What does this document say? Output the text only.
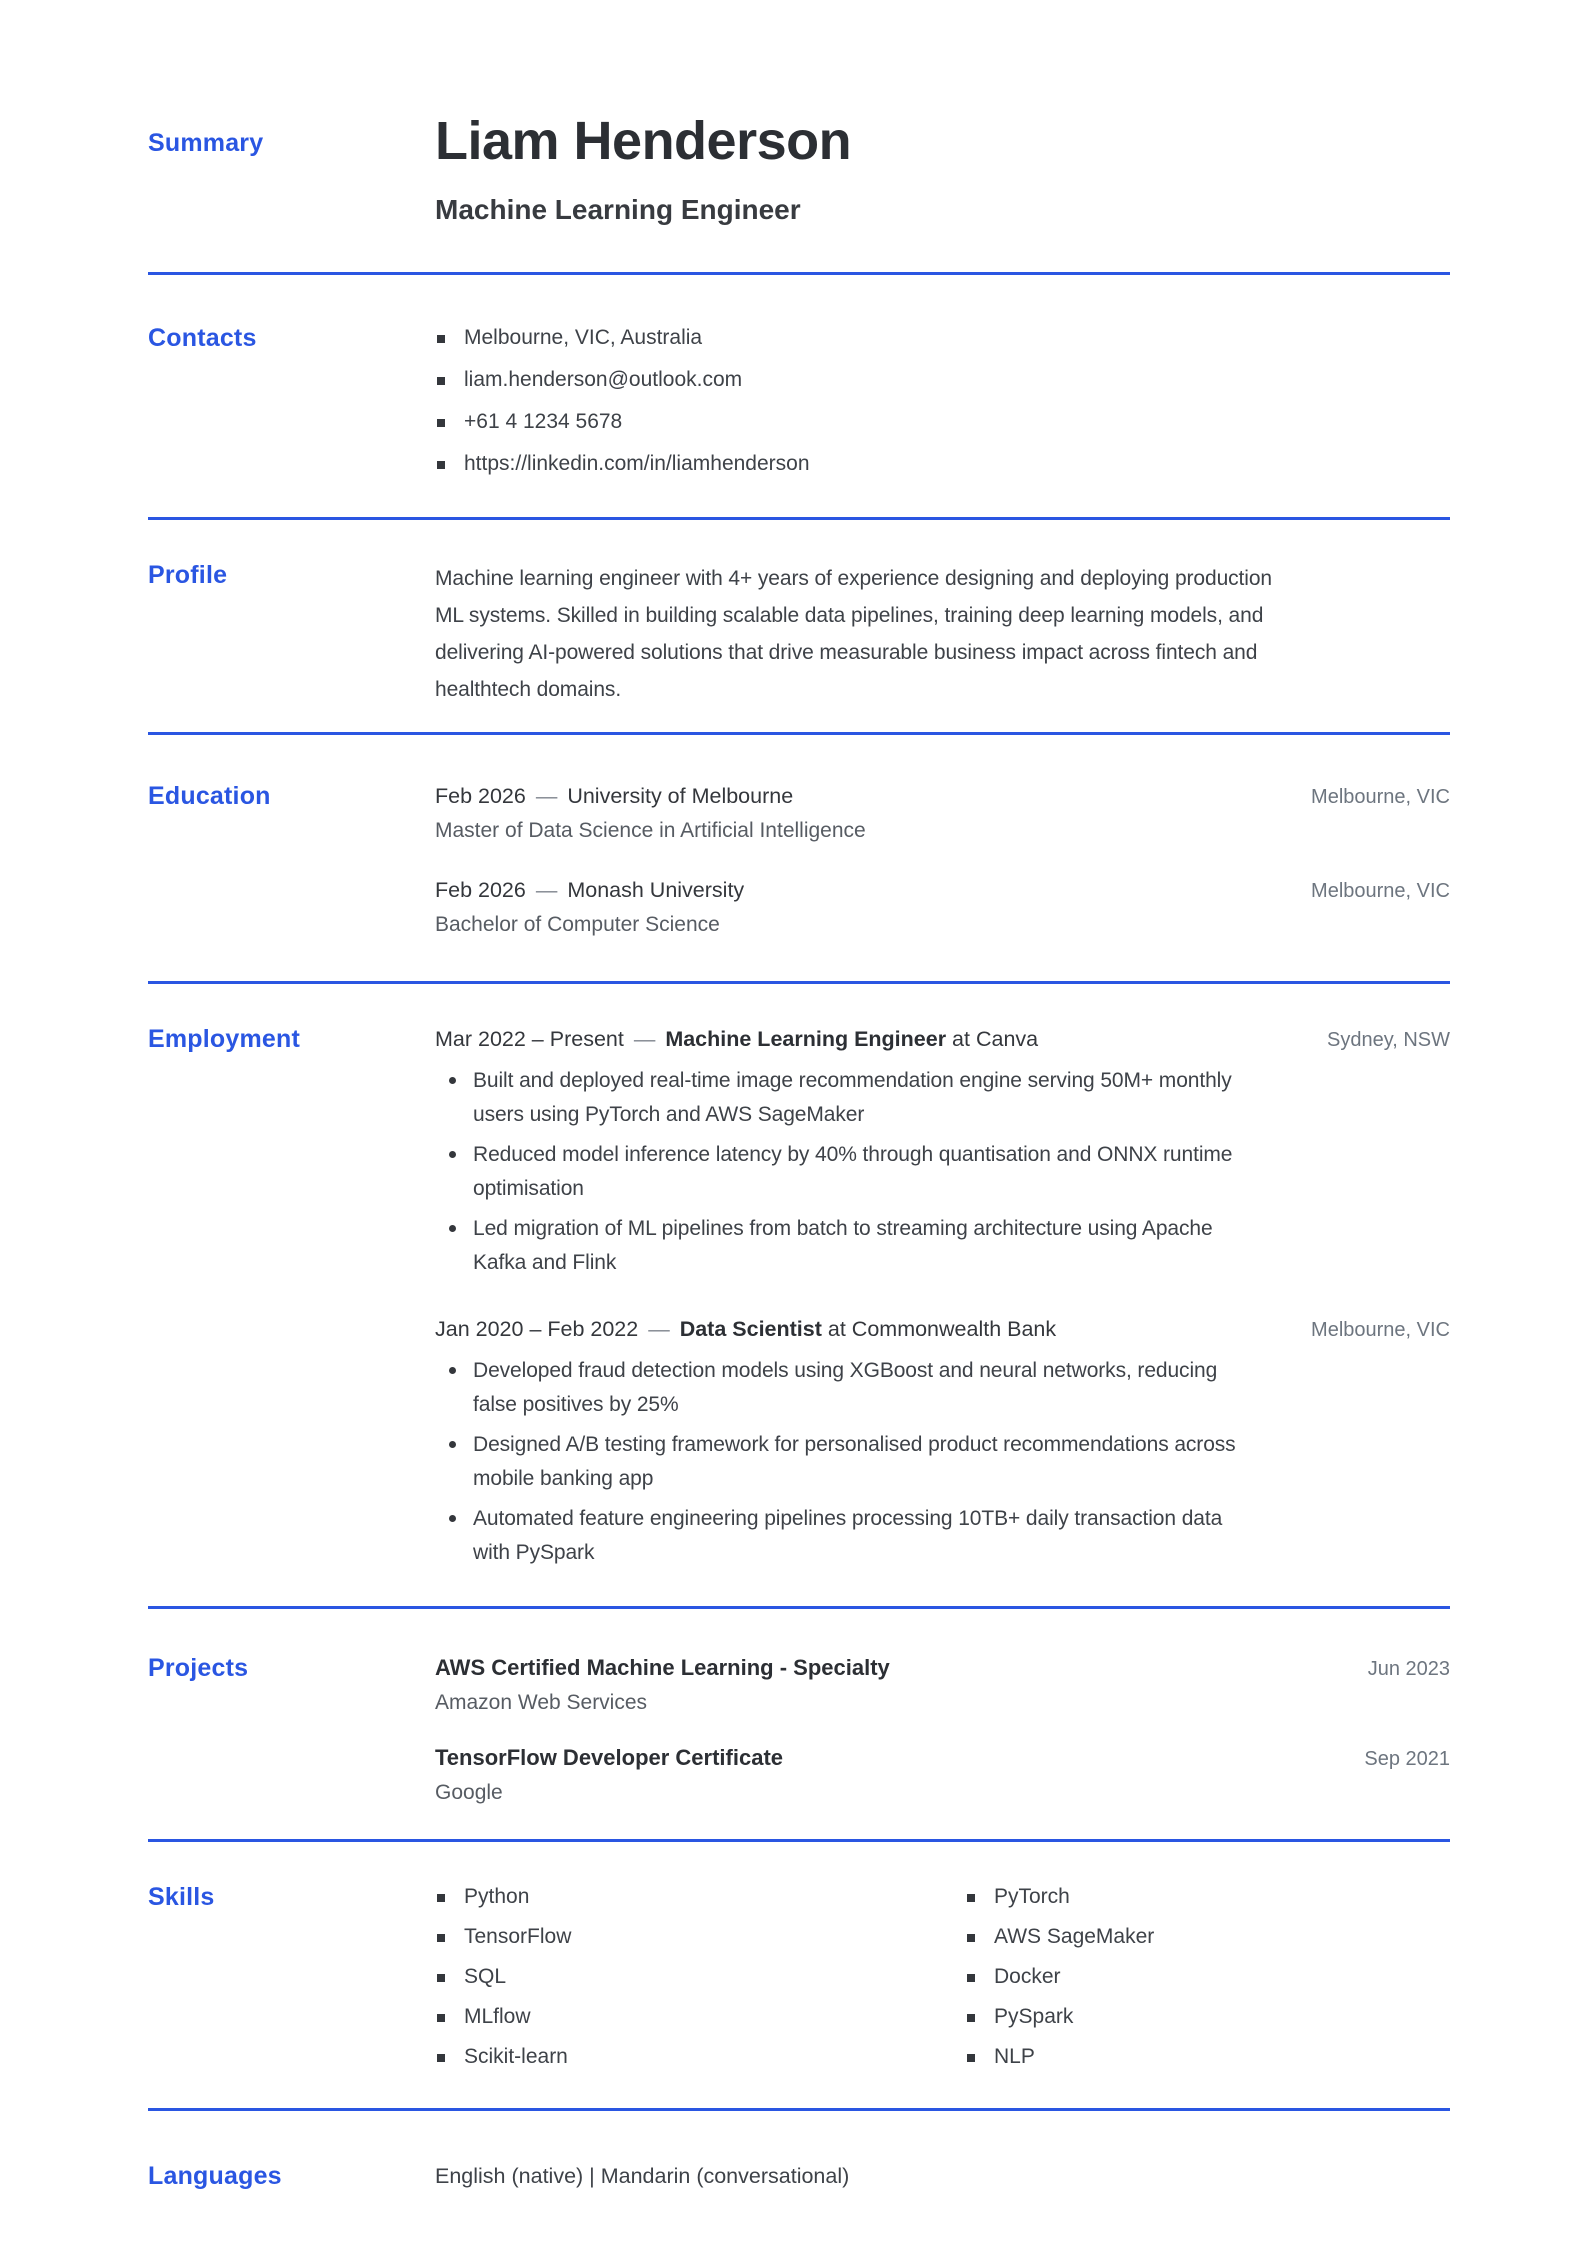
Summary	Liam Henderson
Machine Learning Engineer
Contacts	Melbourne, VIC, Australia
liam.henderson@outlook.com
+61 4 1234 5678
https://linkedin.com/in/liamhenderson
Profile	Machine learning engineer with 4+ years of experience designing and deploying production ML systems. Skilled in building scalable data pipelines, training deep learning models, and delivering AI-powered solutions that drive measurable business impact across fintech and healthtech domains.

Education	Feb 2026 — University of Melbourne	Melbourne, VIC
Master of Data Science in Artificial Intelligence
Feb 2026 — Monash University	Melbourne, VIC
Bachelor of Computer Science
Employment	Mar 2022 – Present — Machine Learning Engineer at Canva	Sydney, NSW
Built and deployed real-time image recommendation engine serving 50M+ monthly users using PyTorch and AWS SageMaker
Reduced model inference latency by 40% through quantisation and ONNX runtime optimisation
Led migration of ML pipelines from batch to streaming architecture using Apache Kafka and Flink
Jan 2020 – Feb 2022 — Data Scientist at Commonwealth Bank	Melbourne, VIC
Developed fraud detection models using XGBoost and neural networks, reducing false positives by 25%
Designed A/B testing framework for personalised product recommendations across mobile banking app
Automated feature engineering pipelines processing 10TB+ daily transaction data with PySpark
Projects	AWS Certified Machine Learning - Specialty	Jun 2023
Amazon Web Services
TensorFlow Developer Certificate	Sep 2021
Google
Skills	Python
TensorFlow
SQL
MLflow
Scikit-learn
PyTorch
AWS SageMaker
Docker
PySpark
NLP
Languages	English (native) | Mandarin (conversational)
